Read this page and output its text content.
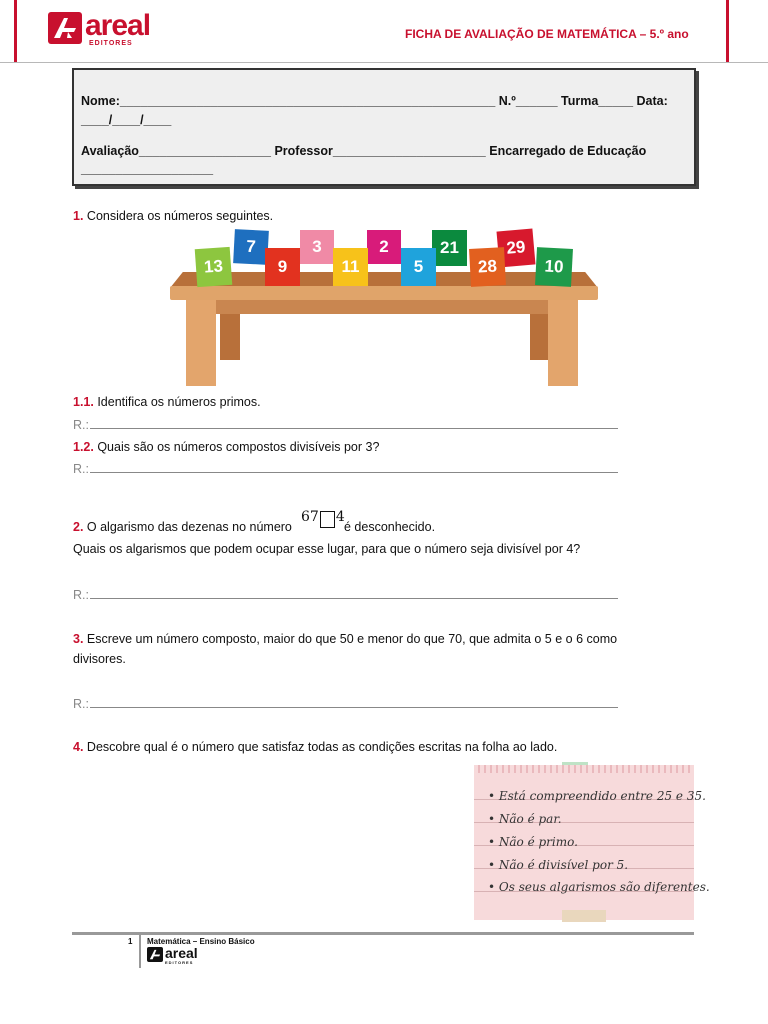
areal
EDITORES
FICHA DE AVALIAÇÃO DE MATEMÁTICA – 5.º ano
Nome:______________________________________________________ N.º______ Turma_____ Data:
____/____/____
Avaliação___________________ Professor______________________ Encarregado de Educação
___________________
1. Considera os números seguintes.
7	3	2	21	29
13	9	11	5	28	10
1.1. Identifica os números primos.
R.:
1.2. Quais são os números compostos divisíveis por 3?
R.:
2. O algarismo das dezenas no número
67 4
é desconhecido.
Quais os algarismos que podem ocupar esse lugar, para que o número seja divisível por 4?
R.:
3. Escreve um número composto, maior do que 50 e menor do que 70, que admita o 5 e o 6 como
divisores.
R.:
4. Descobre qual é o número que satisfaz todas as condições escritas na folha ao lado.
• Está compreendido entre 25 e 35.
• Não é par.
• Não é primo.
• Não é divisível por 5.
• Os seus algarismos são diferentes.
1 Matemática – Ensino Básico
areal
EDITORES
